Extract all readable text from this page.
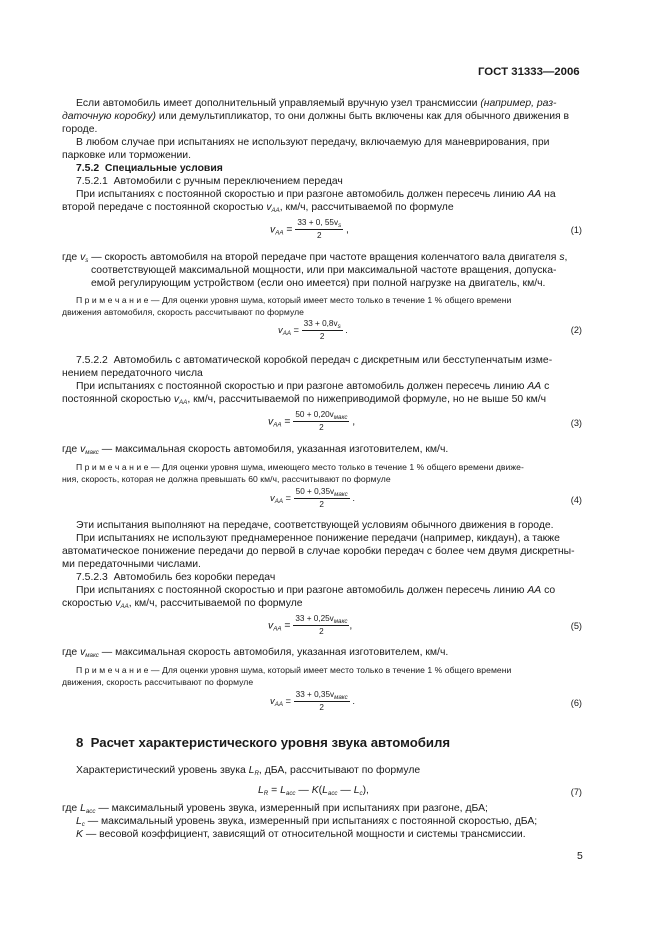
ГОСТ 31333—2006
Если автомобиль имеет дополнительный управляемый вручную узел трансмиссии (например, раз-
даточную коробку) или демультипликатор, то они должны быть включены как для обычного движения в
городе.
В любом случае при испытаниях не используют передачу, включаемую для маневрирования, при
парковке или торможении.
7.5.2 Специальные условия
7.5.2.1 Автомобили с ручным переключением передач
При испытаниях с постоянной скоростью и при разгоне автомобиль должен пересечь линию АА на
второй передаче с постоянной скоростью $v_{АА}$, км/ч, рассчитываемой по формуле
$v_{АА} = \frac{33 + 0, 55v_s}{2}$ ,	(1)
где $v_s$ — скорость автомобиля на второй передаче при частоте вращения коленчатого вала двигателя s,
соответствующей максимальной мощности, или при максимальной частоте вращения, допуска-
емой регулирующим устройством (если оно имеется) при полной нагрузке на двигатель, км/ч.
П р и м е ч а н и е — Для оценки уровня шума, который имеет место только в течение 1 % общего времени
движения автомобиля, скорость рассчитывают по формуле
$v_{АА} = \frac{33 + 0,8v_s}{2}$ .	(2)
7.5.2.2 Автомобиль с автоматической коробкой передач с дискретным или бесступенчатым изме-
нением передаточного числа
При испытаниях с постоянной скоростью и при разгоне автомобиль должен пересечь линию АА с
постоянной скоростью $v_{АА}$, км/ч, рассчитываемой по нижеприводимой формуле, но не выше 50 км/ч
$v_{АА} = \frac{50 + 0,20v_{макс}}{2}$ ,	(3)
где $v_{макс}$ — максимальная скорость автомобиля, указанная изготовителем, км/ч.
П р и м е ч а н и е — Для оценки уровня шума, имеющего место только в течение 1 % общего времени движе-
ния, скорость, которая не должна превышать 60 км/ч, рассчитывают по формуле
$v_{АА} = \frac{50 + 0,35v_{макс}}{2}$ .	(4)
Эти испытания выполняют на передаче, соответствующей условиям обычного движения в городе.
При испытаниях не используют преднамеренное понижение передачи (например, кикдаун), а также
автоматическое понижение передачи до первой в случае коробки передач с более чем двумя дискретны-
ми передаточными числами.
7.5.2.3 Автомобиль без коробки передач
При испытаниях с постоянной скоростью и при разгоне автомобиль должен пересечь линию АА со
скоростью $v_{АА}$, км/ч, рассчитываемой по формуле
$v_{АА} = \frac{33 + 0,25v_{макс}}{2}$ ,	(5)
где $v_{макс}$ — максимальная скорость автомобиля, указанная изготовителем, км/ч.
П р и м е ч а н и е — Для оценки уровня шума, который имеет место только в течение 1 % общего времени
движения, скорость рассчитывают по формуле
$v_{АА} = \frac{33 + 0,35v_{макс}}{2}$ .	(6)
8 Расчет характеристического уровня звука автомобиля
Характеристический уровень звука $L_R$, дБА, рассчитывают по формуле
$L_R = L_{acc}$ — $K(L_{acc}$ — $L_c$),	(7)
где $L_{acc}$ — максимальный уровень звука, измеренный при испытаниях при разгоне, дБА;
$L_c$ — максимальный уровень звука, измеренный при испытаниях с постоянной скоростью, дБА;
K — весовой коэффициент, зависящий от относительной мощности и системы трансмиссии.
5
